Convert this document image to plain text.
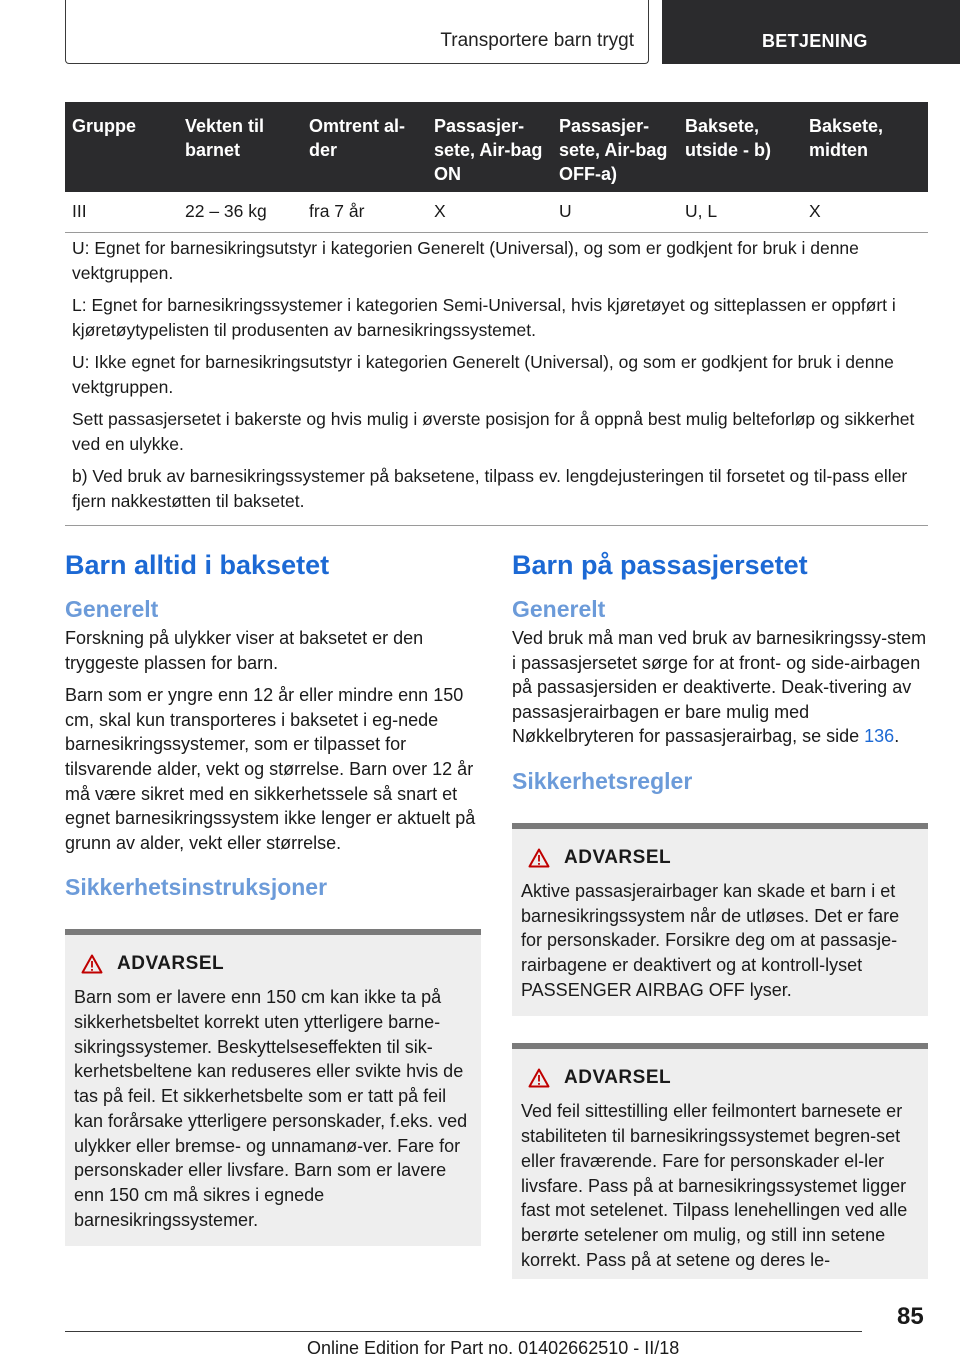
Transportere barn trygt	BETJENING
Gruppe	Vekten til barnet	Omtrent al-der	Passasjer-sete, Air-bag ON	Passasjer-sete, Air-bag OFF-a)	Baksete, utside - b)	Baksete, midten
III	22 – 36 kg	fra 7 år	X	U	U, L	X

U: Egnet for barnesikringsutstyr i kategorien Generelt (Universal), og som er godkjent for bruk i denne vektgruppen.

L: Egnet for barnesikringssystemer i kategorien Semi-Universal, hvis kjøretøyet og sitteplassen er oppført i kjøretøytypelisten til produsenten av barnesikringssystemet.

U: Ikke egnet for barnesikringsutstyr i kategorien Generelt (Universal), og som er godkjent for bruk i denne vektgruppen.

Sett passasjersetet i bakerste og hvis mulig i øverste posisjon for å oppnå best mulig belteforløp og sikkerhet ved en ulykke.

b) Ved bruk av barnesikringssystemer på baksetene, tilpass ev. lengdejusteringen til forsetet og til-pass eller fjern nakkestøtten til baksetet.

Barn alltid i baksetet
Generelt

Forskning på ulykker viser at baksetet er den tryggeste plassen for barn.

Barn som er yngre enn 12 år eller mindre enn 150 cm, skal kun transporteres i baksetet i eg-nede barnesikringssystemer, som er tilpasset for tilsvarende alder, vekt og størrelse. Barn over 12 år må være sikret med en sikkerhetssele så snart et egnet barnesikringssystem ikke lenger er aktuelt på grunn av alder, vekt eller størrelse.

Sikkerhetsinstruksjoner
ADVARSEL

Barn som er lavere enn 150 cm kan ikke ta på sikkerhetsbeltet korrekt uten ytterligere barne-sikringssystemer. Beskyttelseseffekten til sik-kerhetsbeltene kan reduseres eller svikte hvis de tas på feil. Et sikkerhetsbelte som er tatt på feil kan forårsake ytterligere personskader, f.eks. ved ulykker eller bremse- og unnamanø-ver. Fare for personskader eller livsfare. Barn som er lavere enn 150 cm må sikres i egnede barnesikringssystemer.

Barn på passasjersetet
Generelt

Ved bruk må man ved bruk av barnesikringssy-stem i passasjersetet sørge for at front- og side-airbagen på passasjersiden er deaktiverte. Deak-tivering av passasjerairbagen er bare mulig med Nøkkelbryteren for passasjerairbag, se side 136.

Sikkerhetsregler
ADVARSEL

Aktive passasjerairbager kan skade et barn i et barnesikringssystem når de utløses. Det er fare for personskader. Forsikre deg om at passasje-rairbagene er deaktivert og at kontroll-lyset PASSENGER AIRBAG OFF lyser.

ADVARSEL

Ved feil sittestilling eller feilmontert barnesete er stabiliteten til barnesikringssystemet begren-set eller fraværende. Fare for personskader el-ler livsfare. Pass på at barnesikringssystemet ligger fast mot setelenet. Tilpass lenehellingen ved alle berørte setelener om mulig, og still inn setene korrekt. Pass på at setene og deres le-

85
Online Edition for Part no. 01402662510 - II/18
